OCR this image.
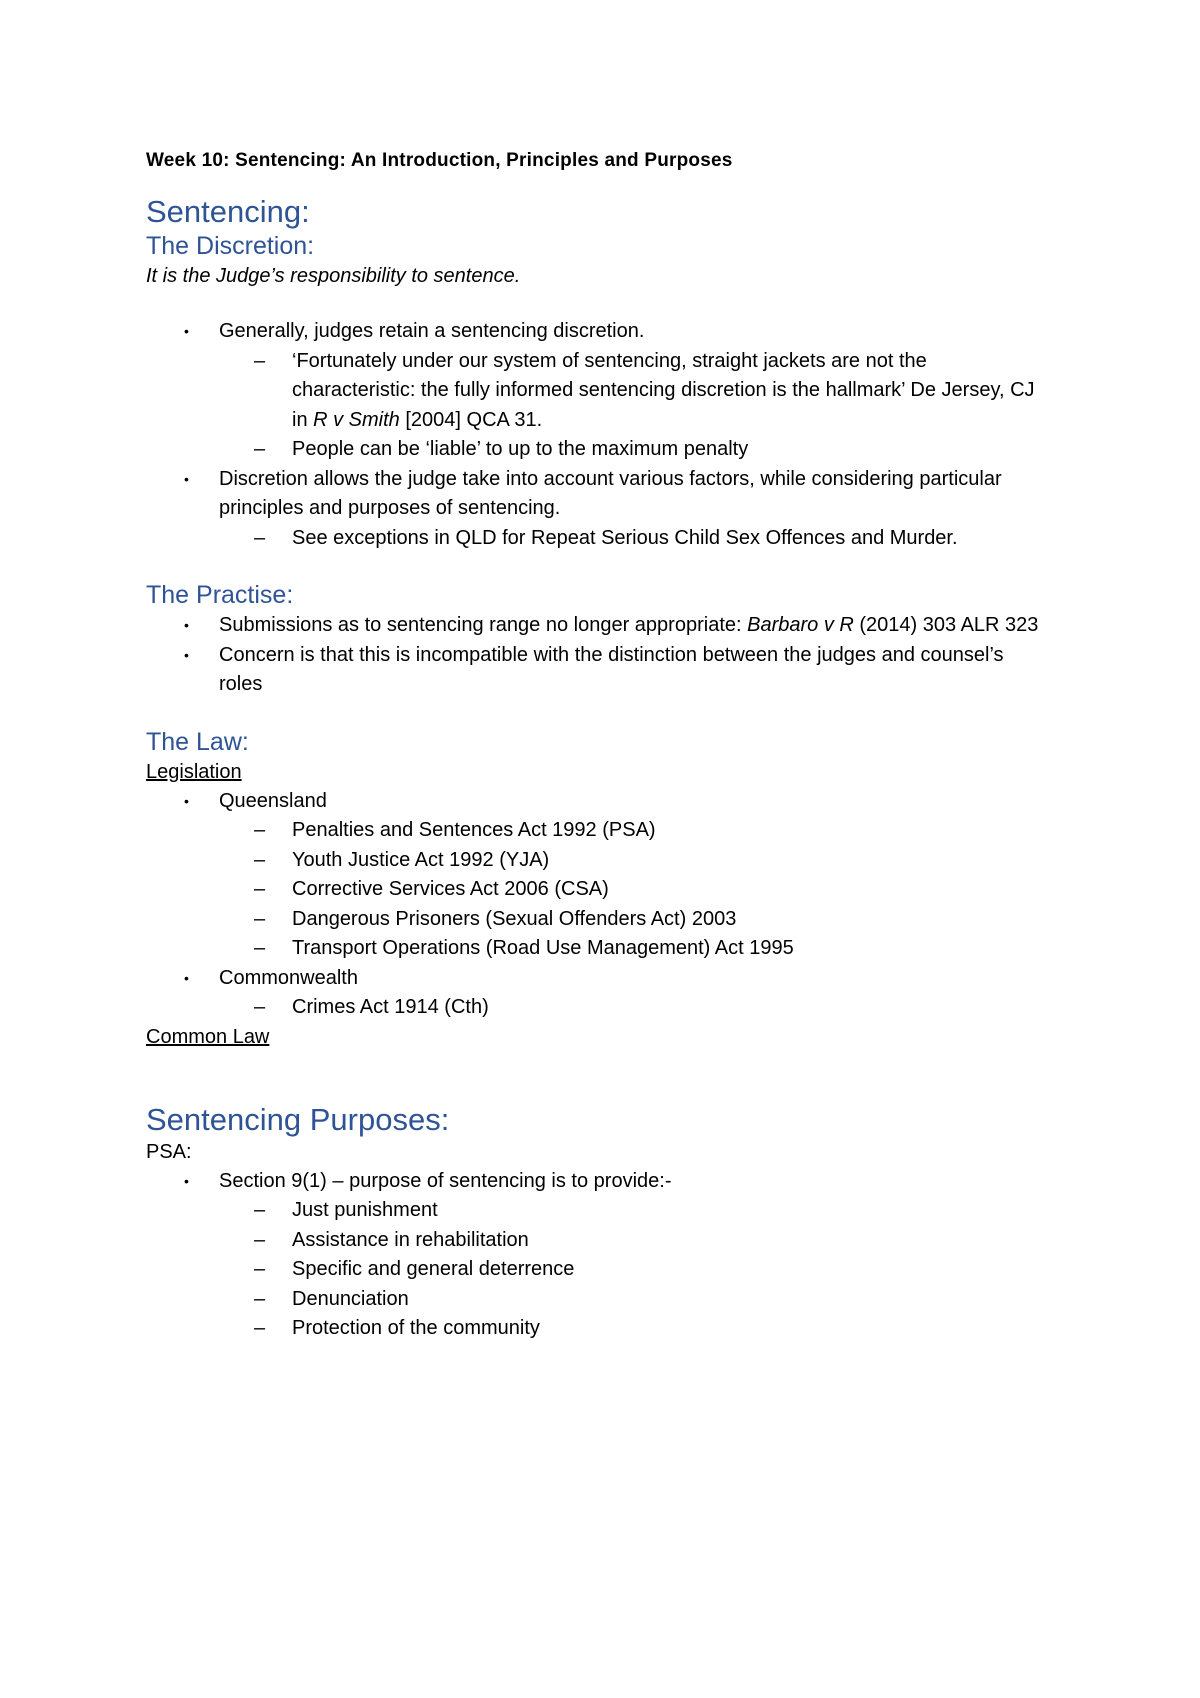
Week 10: Sentencing: An Introduction, Principles and Purposes
Sentencing:
The Discretion:
It is the Judge’s responsibility to sentence.
• Generally, judges retain a sentencing discretion.
– ‘Fortunately under our system of sentencing, straight jackets are not the characteristic: the fully informed sentencing discretion is the hallmark’ De Jersey, CJ in R v Smith [2004] QCA 31.
– People can be ‘liable’ to up to the maximum penalty
• Discretion allows the judge take into account various factors, while considering particular principles and purposes of sentencing.
– See exceptions in QLD for Repeat Serious Child Sex Offences and Murder.
The Practise:
• Submissions as to sentencing range no longer appropriate: Barbaro v R (2014) 303 ALR 323
• Concern is that this is incompatible with the distinction between the judges and counsel’s roles
The Law:
Legislation
• Queensland
– Penalties and Sentences Act 1992 (PSA)
– Youth Justice Act 1992 (YJA)
– Corrective Services Act 2006 (CSA)
– Dangerous Prisoners (Sexual Offenders Act) 2003
– Transport Operations (Road Use Management) Act 1995
• Commonwealth
– Crimes Act 1914 (Cth)
Common Law
Sentencing Purposes:
PSA:
• Section 9(1) – purpose of sentencing is to provide:-
– Just punishment
– Assistance in rehabilitation
– Specific and general deterrence
– Denunciation
– Protection of the community
